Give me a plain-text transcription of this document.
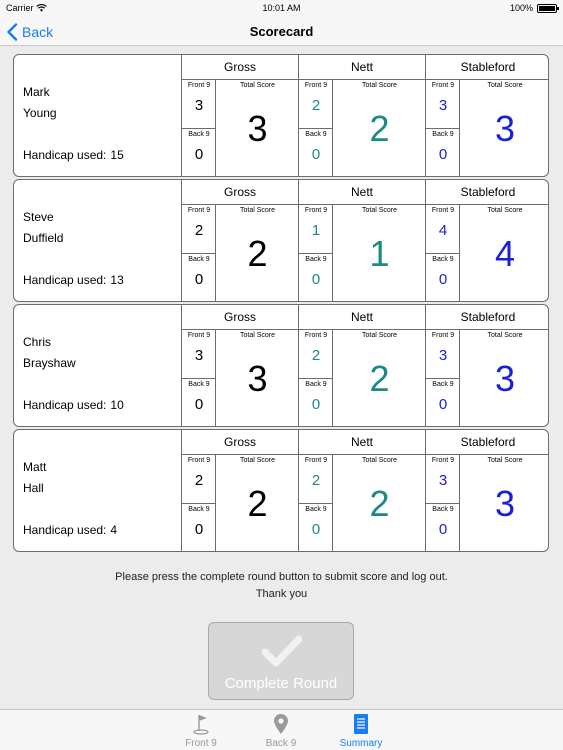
Carrier	10:01 AM	100%
Back	Scorecard
Mark
Young
Handicap used: 15
Gross
Front 9
3
Back 9
0
Total Score
3
Nett
Front 9
2
Back 9
0
Total Score
2
Stableford
Front 9
3
Back 9
0
Total Score
3
Steve
Duffield
Handicap used: 13
Gross
Front 9
2
Back 9
0
Total Score
2
Nett
Front 9
1
Back 9
0
Total Score
1
Stableford
Front 9
4
Back 9
0
Total Score
4
Chris
Brayshaw
Handicap used: 10
Gross
Front 9
3
Back 9
0
Total Score
3
Nett
Front 9
2
Back 9
0
Total Score
2
Stableford
Front 9
3
Back 9
0
Total Score
3
Matt
Hall
Handicap used: 4
Gross
Front 9
2
Back 9
0
Total Score
2
Nett
Front 9
2
Back 9
0
Total Score
2
Stableford
Front 9
3
Back 9
0
Total Score
3
Please press the complete round button to submit score and log out.
Thank you
Complete Round
Front 9	Back 9	Summary
